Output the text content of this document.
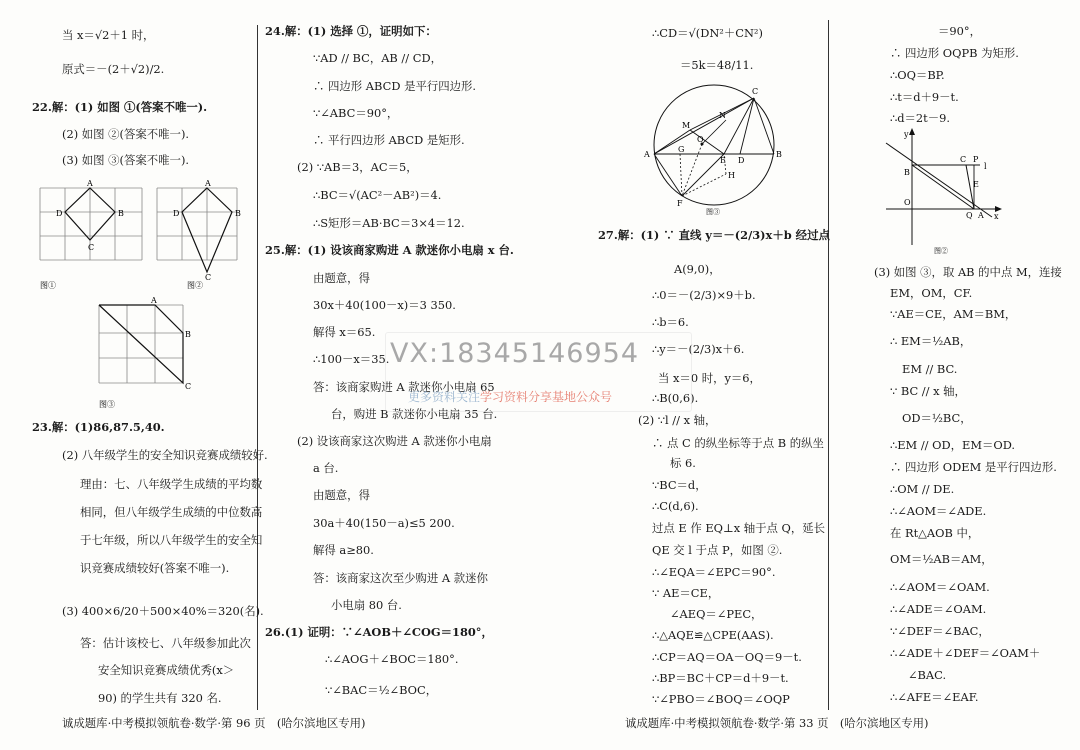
当 x＝√2＋1 时，
原式＝－(2＋√2)/2.
22.解：(1) 如图 ①(答案不唯一).
(2) 如图 ②(答案不唯一).
(3) 如图 ③(答案不唯一).
23.解：(1)86,87.5,40.
(2) 八年级学生的安全知识竞赛成绩较好.
理由：七、八年级学生成绩的平均数
相同，但八年级学生成绩的中位数高
于七年级，所以八年级学生的安全知
识竞赛成绩较好(答案不唯一).
(3) 400×6/20＋500×40%＝320(名).
答：估计该校七、八年级参加此次
安全知识竞赛成绩优秀(x＞
90) 的学生共有 320 名.
A
B
C
D
图①
A
B
C
D
图②
A
B
C
图③
24.解：(1) 选择 ①，证明如下：
∵AD // BC，AB // CD，
∴ 四边形 ABCD 是平行四边形.
∵∠ABC＝90°，
∴ 平行四边形 ABCD 是矩形.
(2) ∵AB＝3，AC＝5，
∴BC＝√(AC²－AB²)＝4.
∴S矩形＝AB·BC＝3×4＝12.
25.解：(1) 设该商家购进 A 款迷你小电扇 x 台.
由题意，得
30x＋40(100－x)＝3 350.
解得 x＝65.
∴100－x＝35.
答：该商家购进 A 款迷你小电扇 65
台，购进 B 款迷你小电扇 35 台.
(2) 设该商家这次购进 A 款迷你小电扇
a 台.
由题意，得
30a＋40(150－a)≤5 200.
解得 a≥80.
答：该商家这次至少购进 A 款迷你
小电扇 80 台.
26.(1) 证明：∵∠AOB＋∠COG＝180°，
∴∠AOG＋∠BOC＝180°.
∵∠BAC＝½∠BOC，
∴CD＝√(DN²＋CN²)
＝5k＝48/11.
27.解：(1) ∵ 直线 y＝－(2/3)x＋b 经过点
A(9,0)，
∴0＝－(2/3)×9＋b.
∴b＝6.
∴y＝－(2/3)x＋6.
当 x＝0 时，y＝6，
∴B(0,6).
(2) ∵l // x 轴，
∴ 点 C 的纵坐标等于点 B 的纵坐
标 6.
∵BC＝d，
∴C(d,6).
过点 E 作 EQ⊥x 轴于点 Q，延长
QE 交 l 于点 P，如图 ②.
∴∠EQA＝∠EPC＝90°.
∵ AE＝CE，
∠AEQ＝∠PEC，
∴△AQE≌△CPE(AAS).
∴CP＝AQ＝OA－OQ＝9－t.
∴BP＝BC＋CP＝d＋9－t.
∵∠PBO＝∠BOQ＝∠OQP
A	B
C
D
E
F
G
H
M
N
O
图③
y
x
B
O
C P
l
E
Q A
图②
＝90°，
∴ 四边形 OQPB 为矩形.
∴OQ＝BP.
∴t＝d＋9－t.
∴d＝2t－9.
(3) 如图 ③，取 AB 的中点 M，连接
EM，OM，CF.
∵AE＝CE，AM＝BM，
∴ EM＝½AB，
EM // BC.
∵ BC // x 轴，
OD＝½BC，
∴EM // OD，EM＝OD.
∴ 四边形 ODEM 是平行四边形.
∴OM // DE.
∴∠AOM＝∠ADE.
在 Rt△AOB 中，
OM＝½AB＝AM，
∴∠AOM＝∠OAM.
∴∠ADE＝∠OAM.
∵∠DEF＝∠BAC，
∴∠ADE＋∠DEF＝∠OAM＋
∠BAC.
∴∠AFE＝∠EAF.
VX:18345146954
更多资料关注学习资料分享基地公众号
诚成题库·中考模拟领航卷·数学·第 96 页　(哈尔滨地区专用)	诚成题库·中考模拟领航卷·数学·第 33 页　(哈尔滨地区专用)
